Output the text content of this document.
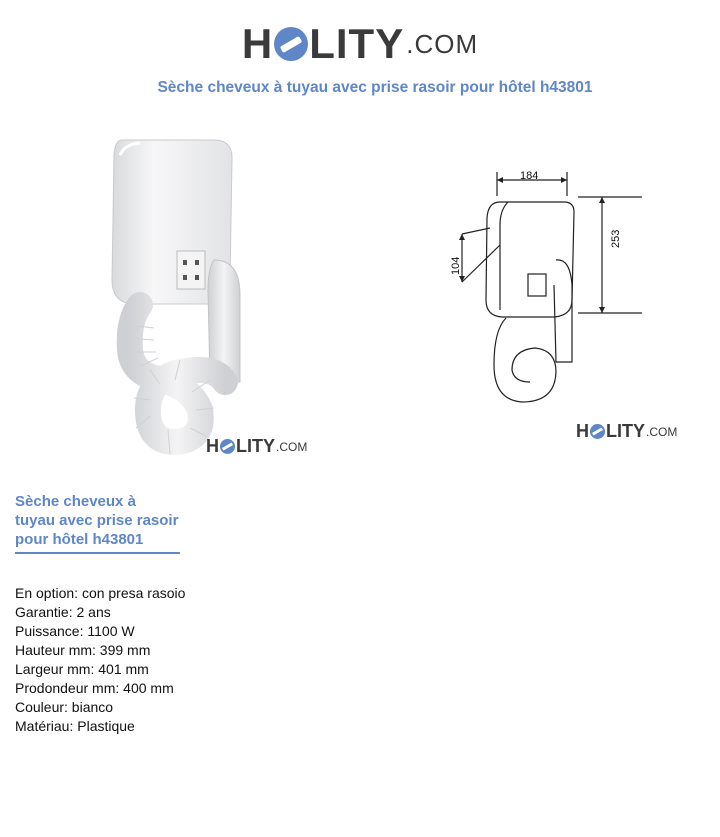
H LITY .COM
Sèche cheveux à tuyau avec prise rasoir pour hôtel h43801
H LITY .COM
184
253
104
H LITY .COM
Sèche cheveux à tuyau avec prise rasoir pour hôtel h43801
En option: con presa rasoio
Garantie: 2 ans
Puissance: 1100 W
Hauteur mm: 399 mm
Largeur mm: 401 mm
Prodondeur mm: 400 mm
Couleur: bianco
Matériau: Plastique
